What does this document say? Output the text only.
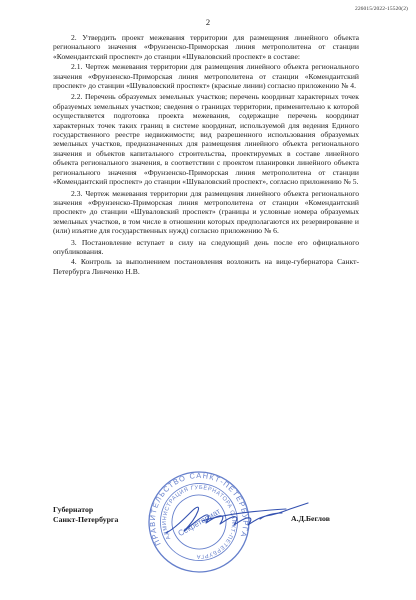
226015/2022-15520(2)
2

2. Утвердить проект межевания территории для размещения линейного объекта регионального значения «Фрунзенско-Приморская линия метрополитена от станции «Комендантский проспект» до станции «Шуваловский проспект» в составе:

2.1. Чертеж межевания территории для размещения линейного объекта регионального значения «Фрунзенско-Приморская линия метрополитена от станции «Комендантский проспект» до станции «Шуваловский проспект» (красные линии) согласно приложению № 4.

2.2. Перечень образуемых земельных участков; перечень координат характерных точек образуемых земельных участков; сведения о границах территории, применительно к которой осуществляется подготовка проекта межевания, содержащие перечень координат характерных точек таких границ в системе координат, используемой для ведения Единого государственного реестре недвижимости; вид разрешенного использования образуемых земельных участков, предназначенных для размещения линейного объекта регионального значения и объектов капитального строительства, проектируемых в составе линейного объекта регионального значения, в соответствии с проектом планировки линейного объекта регионального значения «Фрунзенско-Приморская линия метрополитена от станции «Комендантский проспект» до станции «Шуваловский проспект», согласно приложению № 5.

2.3. Чертеж межевания территории для размещения линейного объекта регионального значения «Фрунзенско-Приморская линия метрополитена от станции «Комендантский проспект» до станции «Шуваловский проспект» (границы и условные номера образуемых земельных участков, в том числе в отношении которых предполагаются их резервирование и (или) изъятие для государственных нужд) согласно приложению № 6.

3. Постановление вступает в силу на следующий день после его официального опубликования.

4. Контроль за выполнением постановления возложить на вице-губернатора Санкт-Петербурга Линченко Н.В.

ПРАВИТЕЛЬСТВО САНКТ-ПЕТЕРБУРГА
АДМИНИСТРАЦИЯ ГУБЕРНАТОРА САНКТ-ПЕТЕРБУРГА
Секретариат
Губернатор
Санкт-Петербурга	А.Д.Беглов
